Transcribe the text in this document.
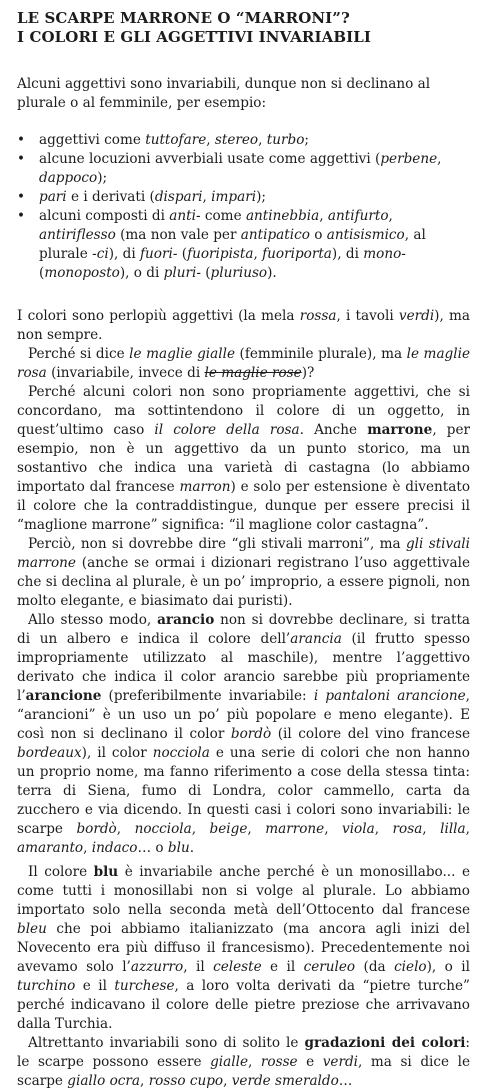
LE SCARPE MARRONE O “MARRONI”?
I COLORI E GLI AGGETTIVI INVARIABILI

Alcuni aggettivi sono invariabili, dunque non si declinano al plurale o al femminile, per esempio:

• aggettivi come tuttofare, stereo, turbo;
• alcune locuzioni avverbiali usate come aggettivi (perbene, dappoco);
• pari e i derivati (dispari, impari);
• alcuni composti di anti- come antinebbia, antifurto, antiriflesso (ma non vale per antipatico o antisismico, al plurale -ci), di fuori- (fuoripista, fuoriporta), di mono- (monoposto), o di pluri- (pluriuso).

I colori sono perlopiù aggettivi (la mela rossa, i tavoli verdi), ma non sempre.

Perché si dice le maglie gialle (femminile plurale), ma le maglie rosa (invariabile, invece di le maglie rose)?

Perché alcuni colori non sono propriamente aggettivi, che si concordano, ma sottintendono il colore di un oggetto, in quest’ultimo caso il colore della rosa. Anche marrone, per esempio, non è un aggettivo da un punto storico, ma un sostantivo che indica una varietà di castagna (lo abbiamo importato dal francese marron) e solo per estensione è diventato il colore che la contraddistingue, dunque per essere precisi il “maglione marrone” significa: “il maglione color castagna”.

Perciò, non si dovrebbe dire “gli stivali marroni”, ma gli stivali marrone (anche se ormai i dizionari registrano l’uso aggettivale che si declina al plurale, è un po’ improprio, a essere pignoli, non molto elegante, e biasimato dai puristi).

Allo stesso modo, arancio non si dovrebbe declinare, si tratta di un albero e indica il colore dell’arancia (il frutto spesso impropriamente utilizzato al maschile), mentre l’aggettivo derivato che indica il color arancio sarebbe più propriamente l’arancione (preferibilmente invariabile: i pantaloni arancione, “arancioni” è un uso un po’ più popolare e meno elegante). E così non si declinano il color bordò (il colore del vino francese bordeaux), il color nocciola e una serie di colori che non hanno un proprio nome, ma fanno riferimento a cose della stessa tinta: terra di Siena, fumo di Londra, color cammello, carta da zucchero e via dicendo. In questi casi i colori sono invariabili: le scarpe bordò, nocciola, beige, marrone, viola, rosa, lilla, amaranto, indaco… o blu.

Il colore blu è invariabile anche perché è un monosillabo... e come tutti i monosillabi non si volge al plurale. Lo abbiamo importato solo nella seconda metà dell’Ottocento dal francese bleu che poi abbiamo italianizzato (ma ancora agli inizi del Novecento era più diffuso il francesismo). Precedentemente noi avevamo solo l’azzurro, il celeste e il ceruleo (da cielo), o il turchino e il turchese, a loro volta derivati da “pietre turche” perché indicavano il colore delle pietre preziose che arrivavano dalla Turchia.

Altrettanto invariabili sono di solito le gradazioni dei colori: le scarpe possono essere gialle, rosse e verdi, ma si dice le scarpe giallo ocra, rosso cupo, verde smeraldo…
